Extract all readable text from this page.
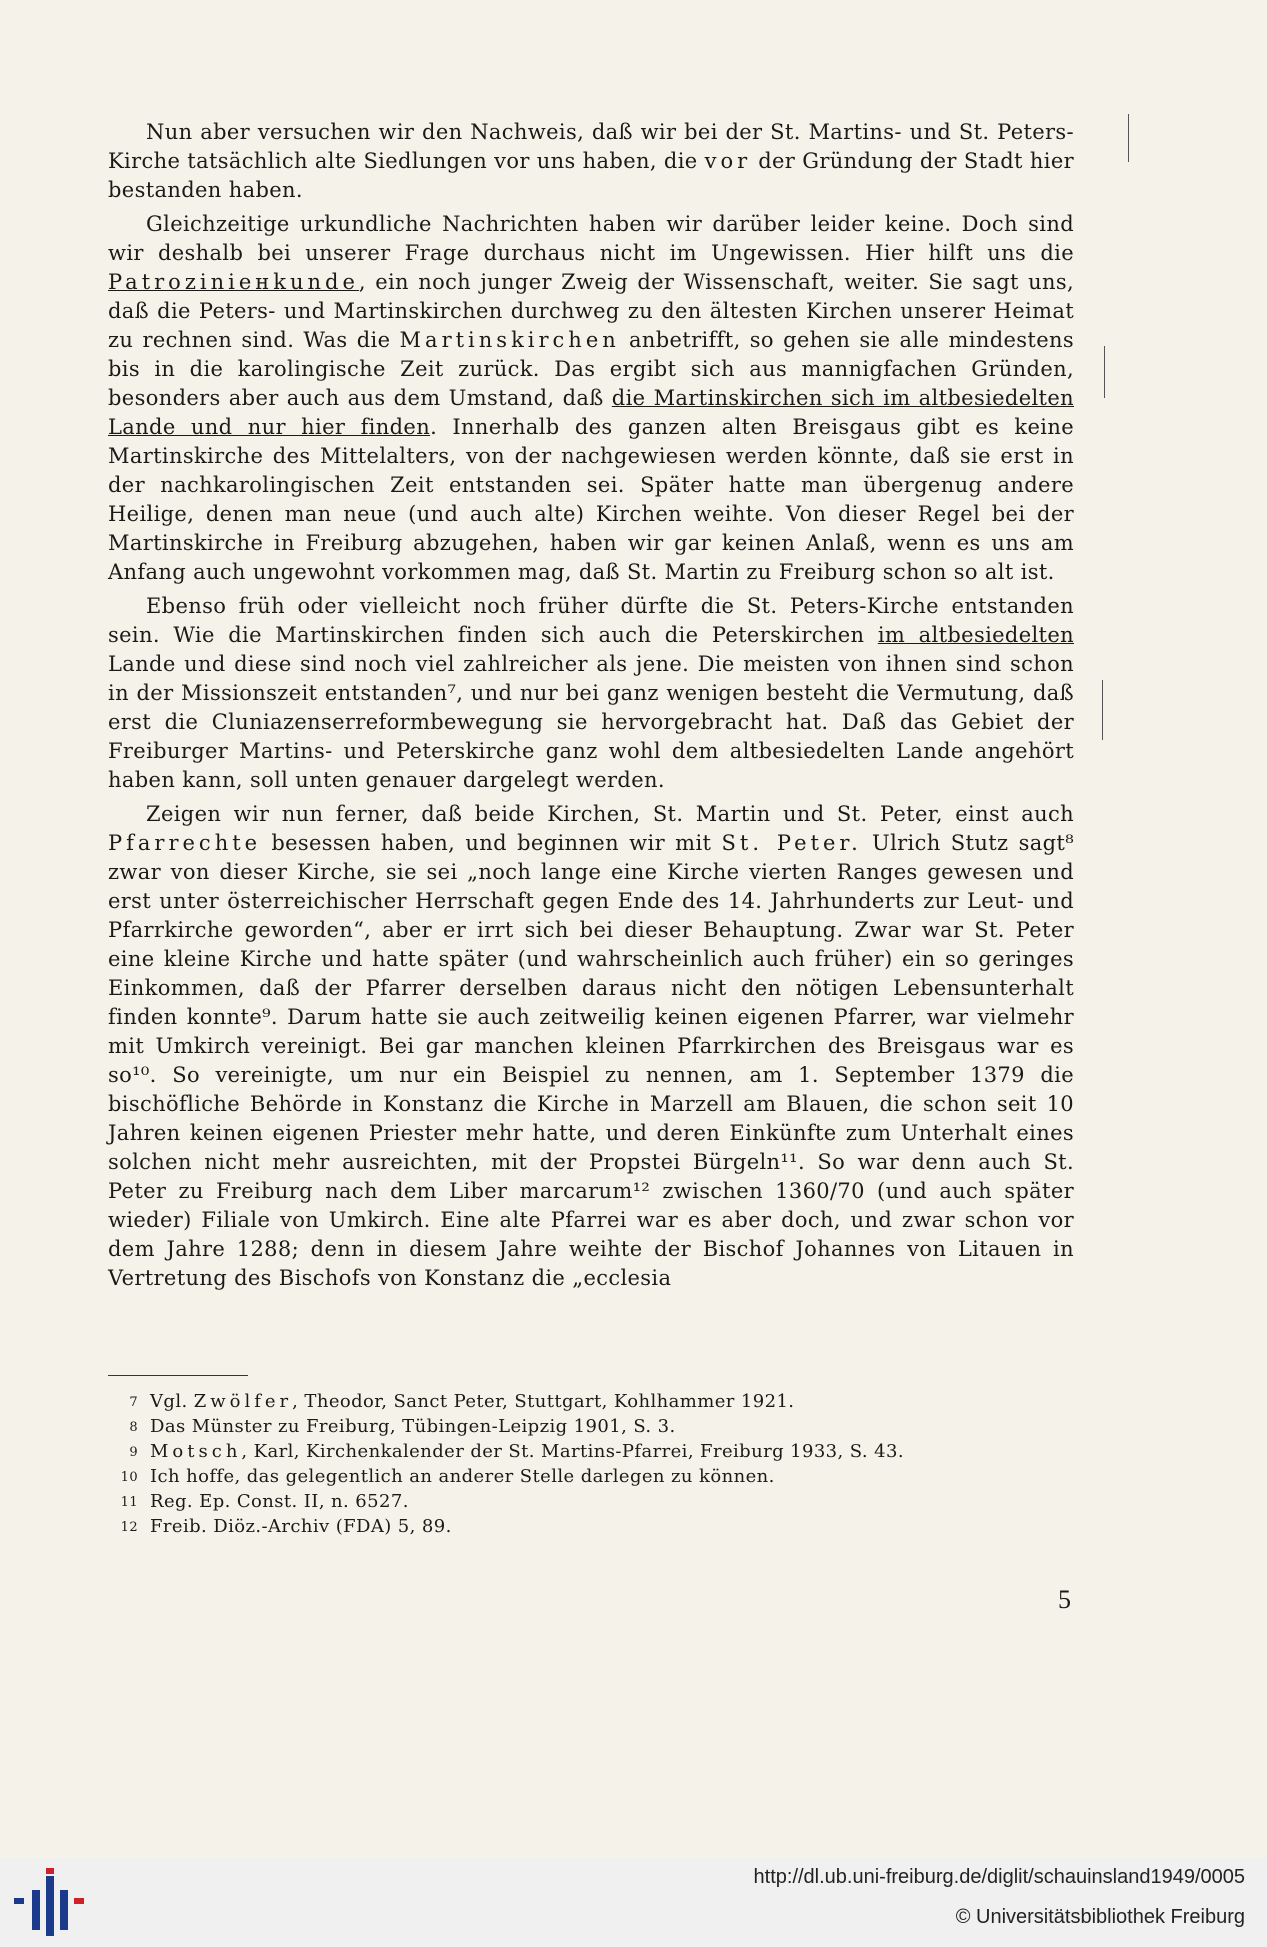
Nun aber versuchen wir den Nachweis, daß wir bei der St. Martins- und St. Peters-Kirche tatsächlich alte Siedlungen vor uns haben, die vor der Gründung der Stadt hier bestanden haben.

Gleichzeitige urkundliche Nachrichten haben wir darüber leider keine. Doch sind wir deshalb bei unserer Frage durchaus nicht im Ungewissen. Hier hilft uns die Patroziniенkunde, ein noch junger Zweig der Wissenschaft, weiter. Sie sagt uns, daß die Peters- und Martinskirchen durchweg zu den ältesten Kirchen unserer Heimat zu rechnen sind. Was die Martinskirchen anbetrifft, so gehen sie alle mindestens bis in die karolingische Zeit zurück. Das ergibt sich aus mannigfachen Gründen, besonders aber auch aus dem Umstand, daß die Martinskirchen sich im altbesiedelten Lande und nur hier finden. Innerhalb des ganzen alten Breisgaus gibt es keine Martinskirche des Mittelalters, von der nachgewiesen werden könnte, daß sie erst in der nachkarolingischen Zeit entstanden sei. Später hatte man übergenug andere Heilige, denen man neue (und auch alte) Kirchen weihte. Von dieser Regel bei der Martinskirche in Freiburg abzugehen, haben wir gar keinen Anlaß, wenn es uns am Anfang auch ungewohnt vorkommen mag, daß St. Martin zu Freiburg schon so alt ist.

Ebenso früh oder vielleicht noch früher dürfte die St. Peters-Kirche entstanden sein. Wie die Martinskirchen finden sich auch die Peterskirchen im altbesiedelten Lande und diese sind noch viel zahlreicher als jene. Die meisten von ihnen sind schon in der Missionszeit entstanden⁷, und nur bei ganz wenigen besteht die Vermutung, daß erst die Cluniazenserreformbewegung sie hervorgebracht hat. Daß das Gebiet der Freiburger Martins- und Peterskirche ganz wohl dem altbesiedelten Lande angehört haben kann, soll unten genauer dargelegt werden.

Zeigen wir nun ferner, daß beide Kirchen, St. Martin und St. Peter, einst auch Pfarrechte besessen haben, und beginnen wir mit St. Peter. Ulrich Stutz sagt⁸ zwar von dieser Kirche, sie sei „noch lange eine Kirche vierten Ranges gewesen und erst unter österreichischer Herrschaft gegen Ende des 14. Jahrhunderts zur Leut- und Pfarrkirche geworden“, aber er irrt sich bei dieser Behauptung. Zwar war St. Peter eine kleine Kirche und hatte später (und wahrscheinlich auch früher) ein so geringes Einkommen, daß der Pfarrer derselben daraus nicht den nötigen Lebensunterhalt finden konnte⁹. Darum hatte sie auch zeitweilig keinen eigenen Pfarrer, war vielmehr mit Umkirch vereinigt. Bei gar manchen kleinen Pfarrkirchen des Breisgaus war es so¹⁰. So vereinigte, um nur ein Beispiel zu nennen, am 1. September 1379 die bischöfliche Behörde in Konstanz die Kirche in Marzell am Blauen, die schon seit 10 Jahren keinen eigenen Priester mehr hatte, und deren Einkünfte zum Unterhalt eines solchen nicht mehr ausreichten, mit der Propstei Bürgeln¹¹. So war denn auch St. Peter zu Freiburg nach dem Liber marcarum¹² zwischen 1360/70 (und auch später wieder) Filiale von Umkirch. Eine alte Pfarrei war es aber doch, und zwar schon vor dem Jahre 1288; denn in diesem Jahre weihte der Bischof Johannes von Litauen in Vertretung des Bischofs von Konstanz die „ecclesia

7 Vgl. Zwölfer, Theodor, Sanct Peter, Stuttgart, Kohlhammer 1921.
8 Das Münster zu Freiburg, Tübingen-Leipzig 1901, S. 3.
9 Motsch, Karl, Kirchenkalender der St. Martins-Pfarrei, Freiburg 1933, S. 43.
10 Ich hoffe, das gelegentlich an anderer Stelle darlegen zu können.
11 Reg. Ep. Const. II, n. 6527.
12 Freib. Diöz.-Archiv (FDA) 5, 89.
5
http://dl.ub.uni-freiburg.de/diglit/schauinsland1949/0005
© Universitätsbibliothek Freiburg
